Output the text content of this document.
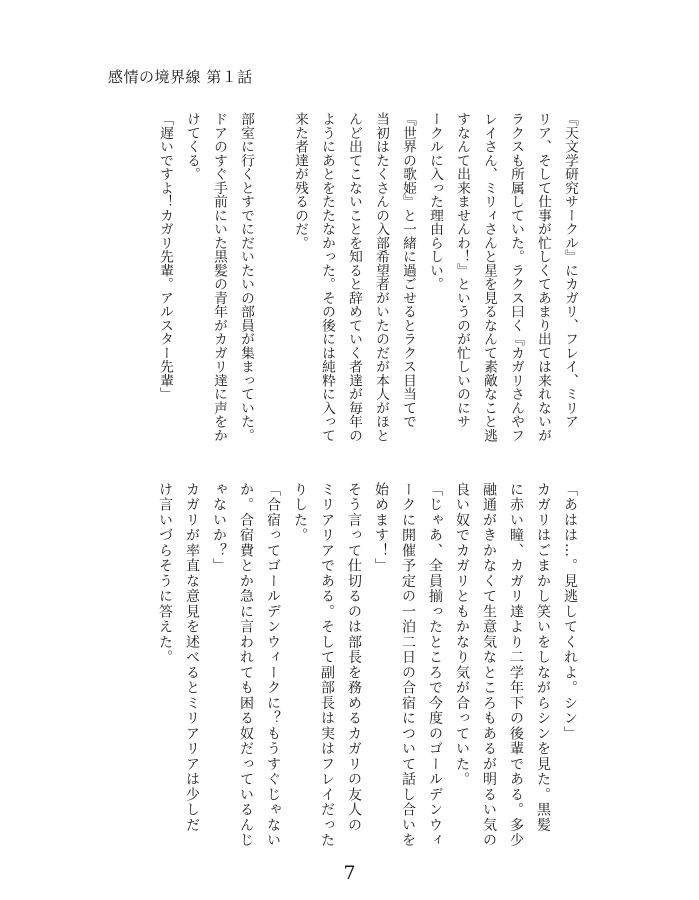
感情の境界線 第１話
『天文学研究サークル』にカガリ、フレイ、ミリア
リア、そして仕事が忙しくてあまり出ては来れないが
ラクスも所属していた。ラクス曰く『カガリさんやフ
レイさん、ミリィさんと星を見るなんて素敵なこと逃
すなんて出来ませんわ！』というのが忙しいのにサ
ークルに入った理由らしい。
『世界の歌姫』と一緒に過ごせるとラクス目当てで
当初はたくさんの入部希望者がいたのだが本人がほと
んど出てこないことを知ると辞めていく者達が毎年の
ようにあとをたたなかった。その後には純粋に入って
来た者達が残るのだ。

部室に行くとすでにだいたいの部員が集まっていた。
ドアのすぐ手前にいた黒髪の青年がカガリ達に声をか
けてくる。
「遅いですよ！カガリ先輩。アルスター先輩」
「あはは…。見逃してくれよ。シン」
カガリはごまかし笑いをしながらシンを見た。黒髪
に赤い瞳、カガリ達より二学年下の後輩である。多少
融通がきかなくて生意気なところもあるが明るい気の
良い奴でカガリともかなり気が合っていた。
「じゃあ、全員揃ったところで今度のゴールデンウィ
ークに開催予定の一泊二日の合宿について話し合いを
始めます！」
そう言って仕切るのは部長を務めるカガリの友人の
ミリアリアである。そして副部長は実はフレイだった
りした。
「合宿ってゴールデンウィークに？もうすぐじゃない
か。合宿費とか急に言われても困る奴だっているんじ
ゃないか？」
カガリが率直な意見を述べるとミリアリアは少しだ
け言いづらそうに答えた。
7
